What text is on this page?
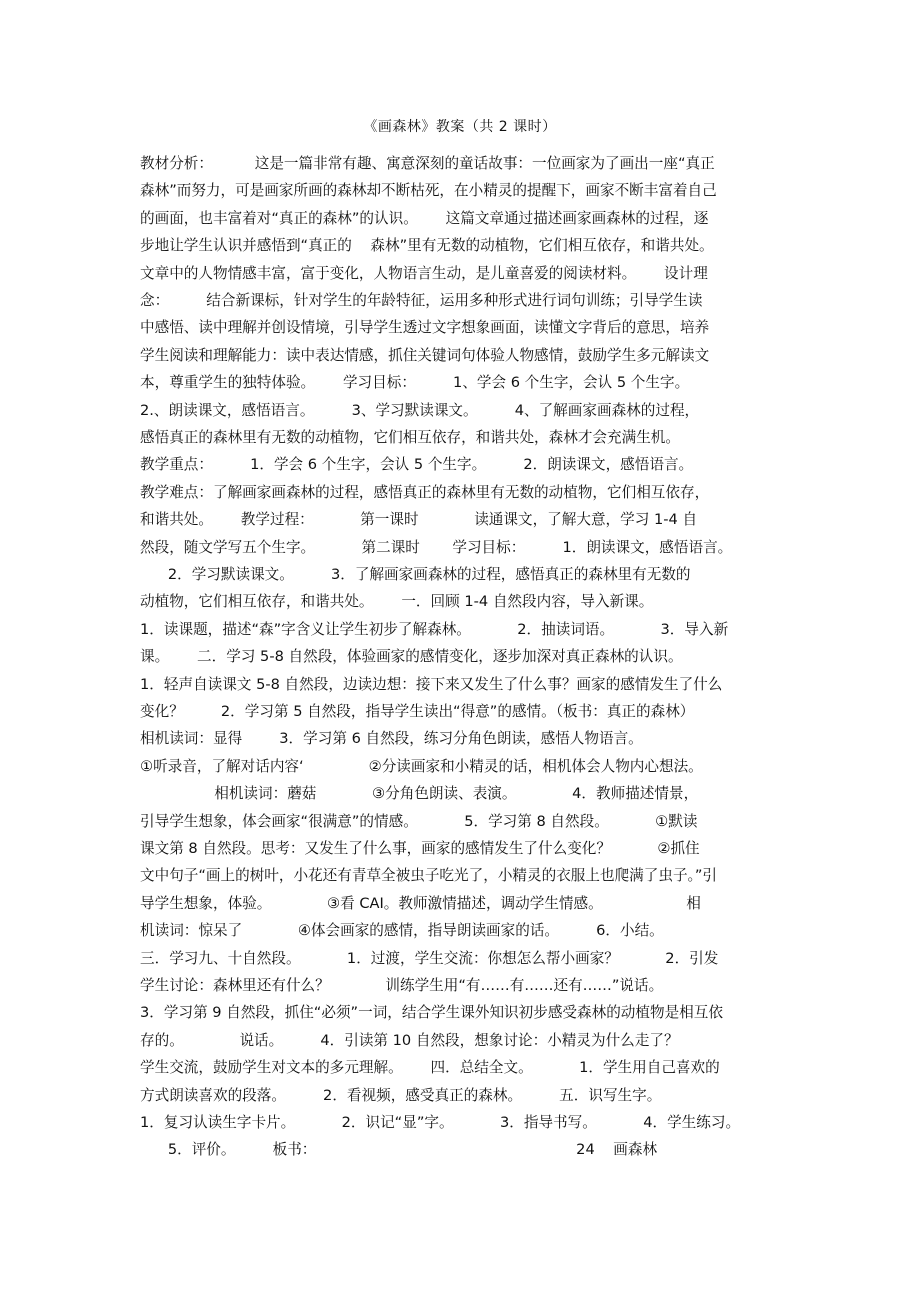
《画森林》教案（共 2 课时）
教材分析：         这是一篇非常有趣、寓意深刻的童话故事：一位画家为了画出一座“真正
森林”而努力，可是画家所画的森林却不断枯死，在小精灵的提醒下，画家不断丰富着自己
的画面，也丰富着对“真正的森林”的认识。      这篇文章通过描述画家画森林的过程，逐
步地让学生认识并感悟到“真正的    森林”里有无数的动植物，它们相互依存，和谐共处。
文章中的人物情感丰富，富于变化，人物语言生动，是儿童喜爱的阅读材料。      设计理
念：        结合新课标，针对学生的年龄特征，运用多种形式进行词句训练；引导学生读
中感悟、读中理解并创设情境，引导学生透过文字想象画面，读懂文字背后的意思，培养
学生阅读和理解能力：读中表达情感，抓住关键词句体验人物感情，鼓励学生多元解读文
本，尊重学生的独特体验。      学习目标：        1、学会 6 个生字，会认 5 个生字。
2.、朗读课文，感悟语言。        3、学习默读课文。        4、了解画家画森林的过程，
感悟真正的森林里有无数的动植物，它们相互依存，和谐共处，森林才会充满生机。
教学重点：        1．学会 6 个生字，会认 5 个生字。        2．朗读课文，感悟语言。
教学难点：了解画家画森林的过程，感悟真正的森林里有无数的动植物，它们相互依存，
和谐共处。      教学过程：          第一课时            读通课文，了解大意，学习 1-4 自
然段，随文学写五个生字。          第二课时       学习目标：        1．朗读课文，感悟语言。
2．学习默读课文。        3．了解画家画森林的过程，感悟真正的森林里有无数的
动植物，它们相互依存，和谐共处。      一．回顾 1-4 自然段内容，导入新课。
1．读课题，描述“森”字含义让学生初步了解森林。          2．抽读词语。          3．导入新
课。      二．学习 5-8 自然段，体验画家的感情变化，逐步加深对真正森林的认识。
1．轻声自读课文 5-8 自然段，边读边想：接下来又发生了什么事？画家的感情发生了什么
变化？        2．学习第 5 自然段，指导学生读出“得意”的感情。（板书：真正的森林）
相机读词：显得        3．学习第 6 自然段，练习分角色朗读，感悟人物语言。
①听录音，了解对话内容‘              ②分读画家和小精灵的话，相机体会人物内心想法。
相机读词：蘑菇            ③分角色朗读、表演。            4．教师描述情景，
引导学生想象，体会画家“很满意”的情感。          5．学习第 8 自然段。          ①默读
课文第 8 自然段。思考：又发生了什么事，画家的感情发生了什么变化？          ②抓住
文中句子“画上的树叶，小花还有青草全被虫子吃光了，小精灵的衣服上也爬满了虫子。”引
导学生想象，体验。            ③看 CAI。教师激情描述，调动学生情感。                  相
机读词：惊呆了            ④体会画家的感情，指导朗读画家的话。        6．小结。
三．学习九、十自然段。          1．过渡，学生交流：你想怎么帮小画家？          2．引发
学生讨论：森林里还有什么？            训练学生用“有……有……还有……”说话。
3．学习第 9 自然段，抓住“必须”一词，结合学生课外知识初步感受森林的动植物是相互依
存的。            说话。        4．引读第 10 自然段，想象讨论：小精灵为什么走了？
学生交流，鼓励学生对文本的多元理解。      四．总结全文。          1．学生用自己喜欢的
方式朗读喜欢的段落。        2．看视频，感受真正的森林。        五．识写生字。
1．复习认读生字卡片。          2．识记“显”字。          3．指导书写。          4．学生练习。
5．评价。        板书：                                                        24    画森林
